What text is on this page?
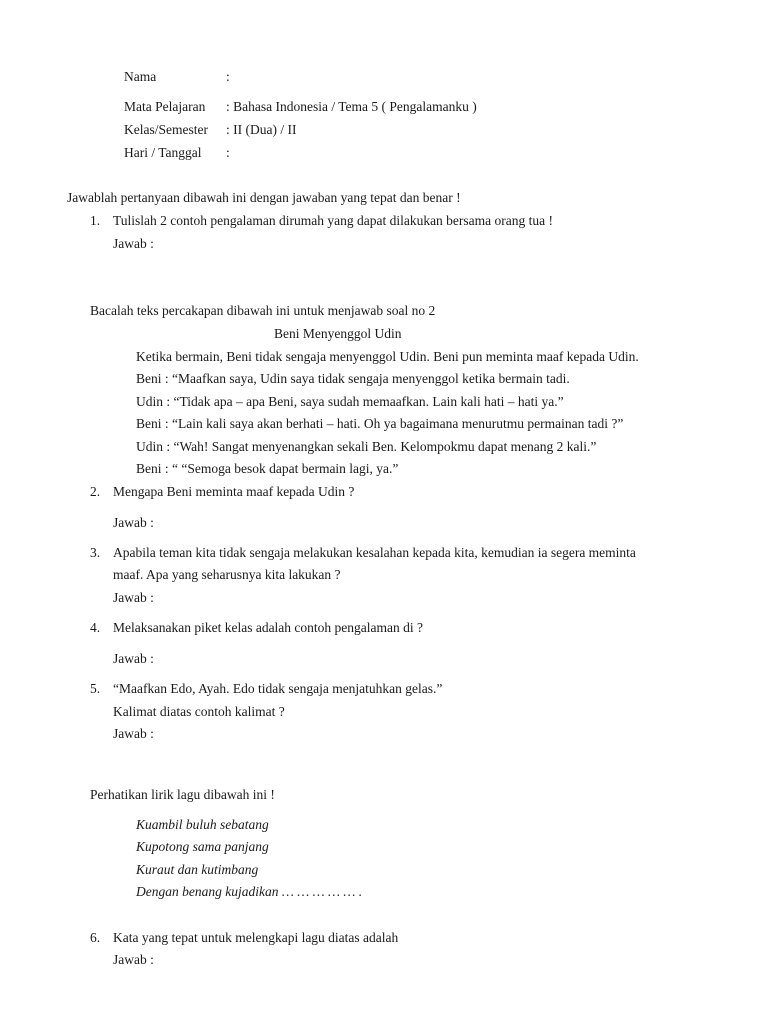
Nama	:
Mata Pelajaran : Bahasa Indonesia / Tema 5 ( Pengalamanku )
Kelas/Semester : II (Dua) / II
Hari / Tanggal :
Jawablah pertanyaan dibawah ini dengan jawaban yang tepat dan benar !
1. Tulislah 2 contoh pengalaman dirumah yang dapat dilakukan bersama orang tua !
Jawab :
Bacalah teks percakapan dibawah ini untuk menjawab soal no 2
Beni Menyenggol Udin
Ketika bermain, Beni tidak sengaja menyenggol Udin. Beni pun meminta maaf kepada Udin.
Beni : “Maafkan saya, Udin saya tidak sengaja menyenggol ketika bermain tadi.
Udin : “Tidak apa – apa Beni, saya sudah memaafkan. Lain kali hati – hati ya.”
Beni : “Lain kali saya akan berhati – hati. Oh ya bagaimana menurutmu permainan tadi ?”
Udin : “Wah! Sangat menyenangkan sekali Ben. Kelompokmu dapat menang 2 kali.”
Beni : “ “Semoga besok dapat bermain lagi, ya.”
2. Mengapa Beni meminta maaf kepada Udin ?
Jawab :
3. Apabila teman kita tidak sengaja melakukan kesalahan kepada kita, kemudian ia segera meminta
maaf. Apa yang seharusnya kita lakukan ?
Jawab :
4. Melaksanakan piket kelas adalah contoh pengalaman di ?
Jawab :
5. “Maafkan Edo, Ayah. Edo tidak sengaja menjatuhkan gelas.”
Kalimat diatas contoh kalimat ?
Jawab :
Perhatikan lirik lagu dibawah ini !
Kuambil buluh sebatang
Kupotong sama panjang
Kuraut dan kutimbang
Dengan benang kujadikan … … … … … .
6. Kata yang tepat untuk melengkapi lagu diatas adalah
Jawab :
